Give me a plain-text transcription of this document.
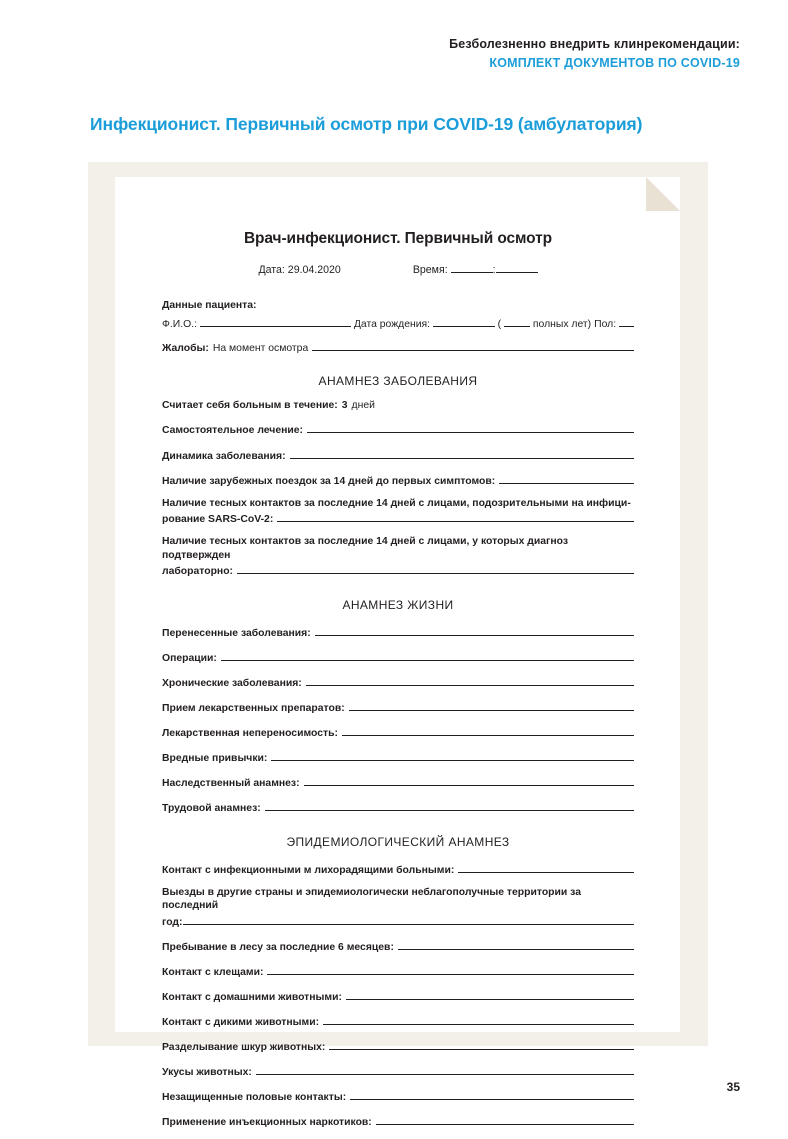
Безболезненно внедрить клинрекомендации:
КОМПЛЕКТ ДОКУМЕНТОВ ПО COVID-19
Инфекционист. Первичный осмотр при COVID-19 (амбулатория)
Врач-инфекционист. Первичный осмотр
Дата: 29.04.2020	Время:	:
Данные пациента:
Ф.И.О.:	Дата рождения:	(	полных лет) Пол:
Жалобы: На момент осмотра
АНАМНЕЗ ЗАБОЛЕВАНИЯ
Считает себя больным в течение: 3 дней
Самостоятельное лечение:
Динамика заболевания:
Наличие зарубежных поездок за 14 дней до первых симптомов:
Наличие тесных контактов за последние 14 дней с лицами, подозрительными на инфици-
рование SARS-CoV-2:
Наличие тесных контактов за последние 14 дней с лицами, у которых диагноз подтвержден
лабораторно:
АНАМНЕЗ ЖИЗНИ
Перенесенные заболевания:
Операции:
Хронические заболевания:
Прием лекарственных препаратов:
Лекарственная непереносимость:
Вредные привычки:
Наследственный анамнез:
Трудовой анамнез:
ЭПИДЕМИОЛОГИЧЕСКИЙ АНАМНЕЗ
Контакт с инфекционными м лихорадящими больными:
Выезды в другие страны и эпидемиологически неблагополучные территории за последний
год:
Пребывание в лесу за последние 6 месяцев:
Контакт с клещами:
Контакт с домашними животными:
Контакт с дикими животными:
Разделывание шкур животных:
Укусы животных:
Незащищенные половые контакты:
Применение инъекционных наркотиков:
35
